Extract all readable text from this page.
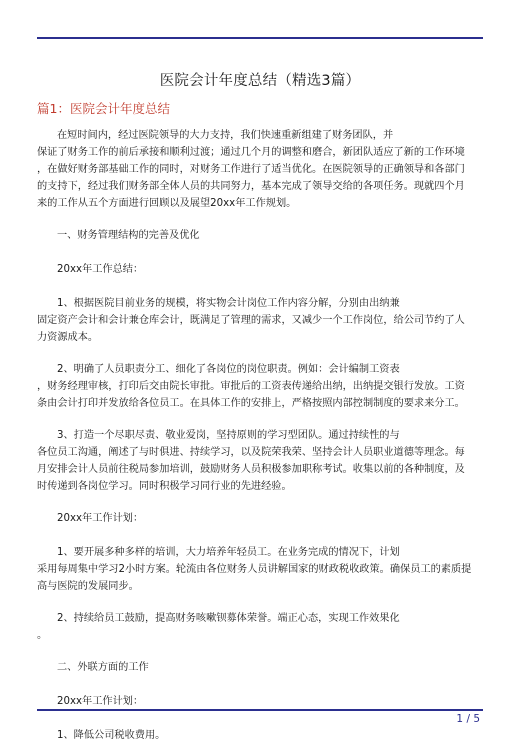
医院会计年度总结（精选3篇）
篇1：医院会计年度总结

在短时间内，经过医院领导的大力支持，我们快速重新组建了财务团队，并

保证了财务工作的前后承接和顺利过渡；通过几个月的调整和磨合，新团队适应了新的工作环境

，在做好财务部基础工作的同时，对财务工作进行了适当优化。在医院领导的正确领导和各部门

的支持下，经过我们财务部全体人员的共同努力，基本完成了领导交给的各项任务。现就四个月

来的工作从五个方面进行回顾以及展望20xx年工作规划。

一、财务管理结构的完善及优化

20xx年工作总结：

1、根据医院目前业务的规模，将实物会计岗位工作内容分解，分别由出纳兼

固定资产会计和会计兼仓库会计，既满足了管理的需求，又减少一个工作岗位，给公司节约了人

力资源成本。

2、明确了人员职责分工、细化了各岗位的岗位职责。例如：会计编制工资表

，财务经理审核，打印后交由院长审批。审批后的工资表传递给出纳，出纳提交银行发放。工资

条由会计打印并发放给各位员工。在具体工作的安排上，严格按照内部控制制度的要求来分工。

3、打造一个尽职尽责、敬业爱岗，坚持原则的学习型团队。通过持续性的与

各位员工沟通，阐述了与时俱进、持续学习，以及院荣我荣、坚持会计人员职业道德等理念。每

月安排会计人员前往税局参加培训，鼓励财务人员积极参加职称考试。收集以前的各种制度，及

时传递到各岗位学习。同时积极学习同行业的先进经验。

20xx年工作计划：

1、要开展多种多样的培训，大力培养年轻员工。在业务完成的情况下，计划

采用每周集中学习2小时方案。轮流由各位财务人员讲解国家的财政税收政策。确保员工的素质提

高与医院的发展同步。

2、持续给员工鼓励，提高财务咳嗽钡募体荣誉。端正心态，实现工作效果化

。

二、外联方面的工作

20xx年工作计划：

1、降低公司税收费用。

1 / 5
